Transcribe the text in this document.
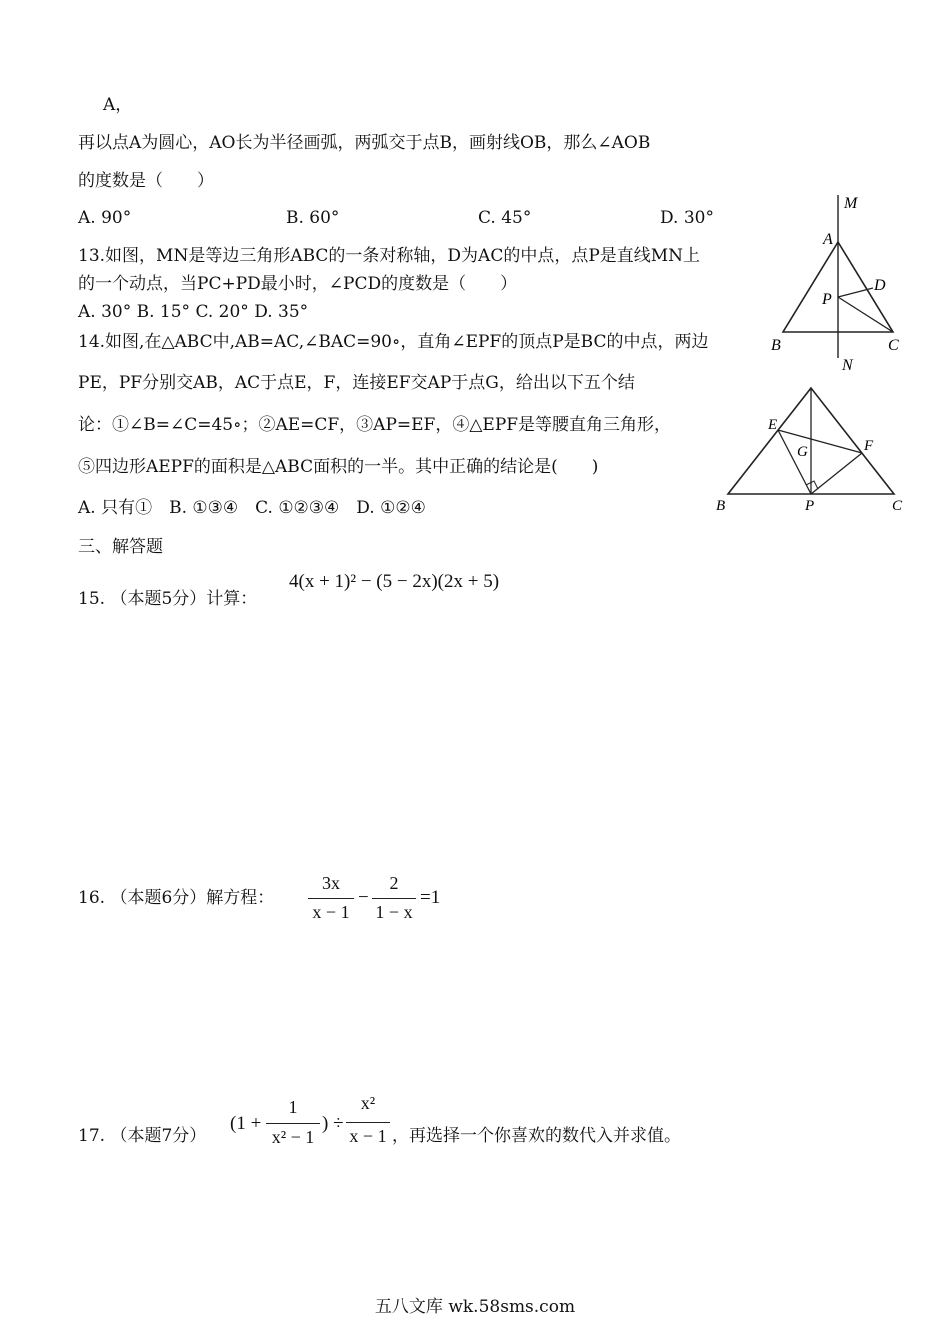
A，
再以点A为圆心，AO长为半径画弧，两弧交于点B，画射线OB，那么∠AOB
的度数是（　　）
A. 90°	B. 60°	C. 45°	D. 30°
13.如图，MN是等边三角形ABC的一条对称轴，D为AC的中点，点P是直线MN上
的一个动点，当PC+PD最小时，∠PCD的度数是（　　）
A. 30° B. 15° C. 20° D. 35°
M
A
D
P
B	C
N
14.如图,在△ABC中,AB=AC,∠BAC=90∘，直角∠EPF的顶点P是BC的中点，两边
PE，PF分别交AB，AC于点E，F，连接EF交AP于点G，给出以下五个结
论：①∠B=∠C=45∘；②AE=CF，③AP=EF，④△EPF是等腰直角三角形，
⑤四边形AEPF的面积是△ABC面积的一半。其中正确的结论是(　　)
A. 只有①　B. ①③④　C. ①②③④　D. ①②④
E
F
G
B	P	C
三、解答题
15. （本题5分）计算：
4(x + 1)² − (5 − 2x)(2x + 5)
16. （本题6分）解方程：
3x
x − 1
−
2
1 − x
=1
17. （本题7分）
(1 +
1
x² − 1
) ÷
x²
x − 1 ，再选择一个你喜欢的数代入并求值。
五八文库 wk.58sms.com
